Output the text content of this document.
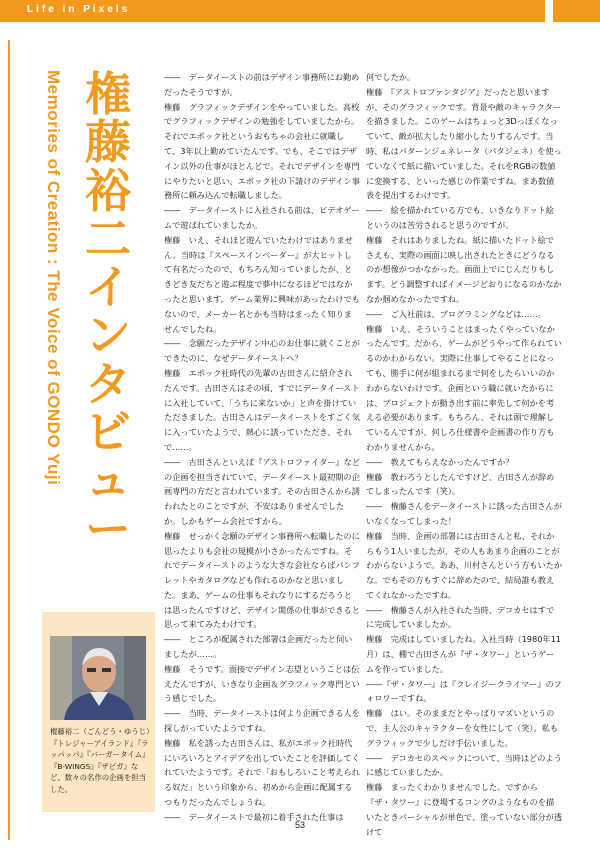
Life in Pixels
Memories of Creation : The Voice of GONDO Yuji 権
藤
裕
二
イ
ン
タ
ビ
ュ
ー

――　データイーストの前はデザイン事務所にお勤めだったそうですが。

権藤　グラフィックデザインをやっていました。高校でグラフィックデザインの勉強をしていましたから。それでエポック社というおもちゃの会社に就職して、3年以上勤めていたんです。でも、そこではデザイン以外の仕事がほとんどで。それでデザインを専門にやりたいと思い、エポック社の下請けのデザイン事務所に頼み込んで転職しました。

――　データイーストに入社される前は、ビデオゲームで遊ばれていましたか。

権藤　いえ、それほど遊んでいたわけではありません。当時は『スペースインベーダー』が大ヒットして有名だったので、もちろん知っていましたが、ときどき友だちと遊ぶ程度で夢中になるほどではなかったと思います。ゲーム業界に興味があったわけでもないので、メーカー名とかも当時はまったく知りませんでしたね。

――　念願だったデザイン中心のお仕事に就くことができたのに、なぜデータイーストへ？

権藤　エポック社時代の先輩の古田さんに紹介されたんです。古田さんはその頃、すでにデータイーストに入社していて、「うちに来ないか」と声を掛けていただきました。古田さんはデータイーストをすごく気に入っていたようで、熱心に誘っていただき、それで……。

――　古田さんといえば『アストロファイター』などの企画を担当されていて、データイースト最初期の企画専門の方だと言われています。その古田さんから誘われたとのことですが、不安はありませんでしたか。しかもゲーム会社ですから。

権藤　せっかく念願のデザイン事務所へ転職したのに思ったよりも会社の規模が小さかったんですね。それでデータイーストのような大きな会社ならばパンフレットやカタログなども作れるのかなと思いました。まあ、ゲームの仕事もそれなりにするだろうとは思ったんですけど、デザイン関係の仕事ができると思って来てみたわけです。

――　ところが配属された部署は企画だったと伺いましたが……。

権藤　そうです。面接でデザイン志望ということは伝えたんですが、いきなり企画＆グラフィック専門という感じでした。

――　当時、データイーストは何より企画できる人を探しがっていたようですね。

権藤　私を誘った古田さんは、私がエポック社時代にいろいろとアイデアを出していたことを評価してくれていたようです。それで「おもしろいこと考えられる奴だ」という印象から、初めから企画に配属するつもりだったんでしょうね。

――　データイーストで最初に着手された仕事は

何でしたか。

権藤　『アストロファンタジア』だったと思いますが、そのグラフィックです。背景や敵のキャラクターを描きました。このゲームはちょっと3Dっぽくなっていて、敵が拡大したり縮小したりするんです。当時、私はパターンジェネレータ（パタジェネ）を使っていなくて紙に描いていました。それをRGBの数値に変換する、といった感じの作業ですね。まあ数値表を提出するわけです。

――　絵を描かれている方でも、いきなりドット絵というのは苦労されると思うのですが。

権藤　それはありましたね。紙に描いたドット絵でさえも、実際の画面に映し出されたときにどうなるのか想像がつかなかった。画面上でにじんだりもします。どう調整すればイメージどおりになるのかなかなか掴めなかったですね。

――　ご入社前は、プログラミングなどは……。

権藤　いえ、そういうことはまったくやっていなかったんです。だから、ゲームがどうやって作られているのかわからない。実際に仕事してやることになっても、勝手に何が組まれるまで何をしたらいいのかわからないわけです。企画という職に就いたからには、プロジェクトが動き出す前に率先して何かを考える必要があります。もちろん、それは頭で理解しているんですが、何しろ仕様書や企画書の作り方もわかりませんから。

――　教えてもらえなかったんですか？

権藤　教わろうとしたんですけど、古田さんが辞めてしまったんです（笑）。

――　権藤さんをデータイーストに誘った古田さんがいなくなってしまった！

権藤　当時、企画の部署には古田さんと私、それからもう1人いましたが、その人もあまり企画のことがわからないようで。ああ、川村さんという方もいたかな。でもその方もすぐに辞めたので、結局誰も教えてくれなかったですね。

――　権藤さんが入社された当時、デコカセはすでに完成していましたか。

権藤　完成はしていましたね。入社当時（1980年11月）は、棚で古田さんが『ザ・タワー』というゲームを作っていました。

――『ザ・タワー』は『クレイジークライマー』のフォロワーですね。

権藤　はい。そのままだとやっぱりマズいというので、主人公のキャラクターを女性にして（笑）。私もグラフィックで少しだけ手伝いました。

――　デコカセのスペックについて、当時はどのように感じていましたか。

権藤　まったくわかりませんでした。ですから『ザ・タワー』に登場するコングのようなものを描いたときパーシャルが単色で、塗っていない部分が透けて

権藤裕二（ごんどう・ゆうじ）『トレジャーアイランド』『ラッパッパ』『バーガータイム』『B-WINGS』『ザビガ』など、数々の名作の企画を担当した。
53
